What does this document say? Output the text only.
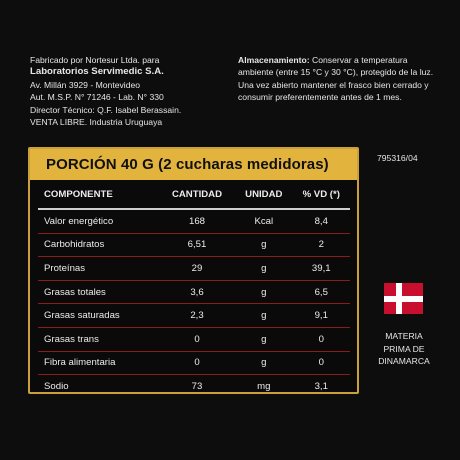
Fabricado por Nortesur Ltda. para
Laboratorios Servimedic S.A.
Av. Millán 3929 - Montevideo
Aut. M.S.P. N° 71246 - Lab. N° 330
Director Técnico: Q.F. Isabel Berassain.
VENTA LIBRE. Industria Uruguaya
Almacenamiento: Conservar a temperatura ambiente (entre 15 °C y 30 °C), protegido de la luz. Una vez abierto mantener el frasco bien cerrado y consumir preferentemente antes de 1 mes.
795316/04
PORCIÓN 40 G (2 cucharas medidoras)
COMPONENTE	CANTIDAD	UNIDAD	% VD (*)
Valor energético	168	Kcal	8,4
Carbohidratos	6,51	g	2
Proteínas	29	g	39,1
Grasas totales	3,6	g	6,5
Grasas saturadas	2,3	g	9,1
Grasas trans	0	g	0
Fibra alimentaria	0	g	0
Sodio	73	mg	3,1
MATERIA
PRIMA DE
DINAMARCA
